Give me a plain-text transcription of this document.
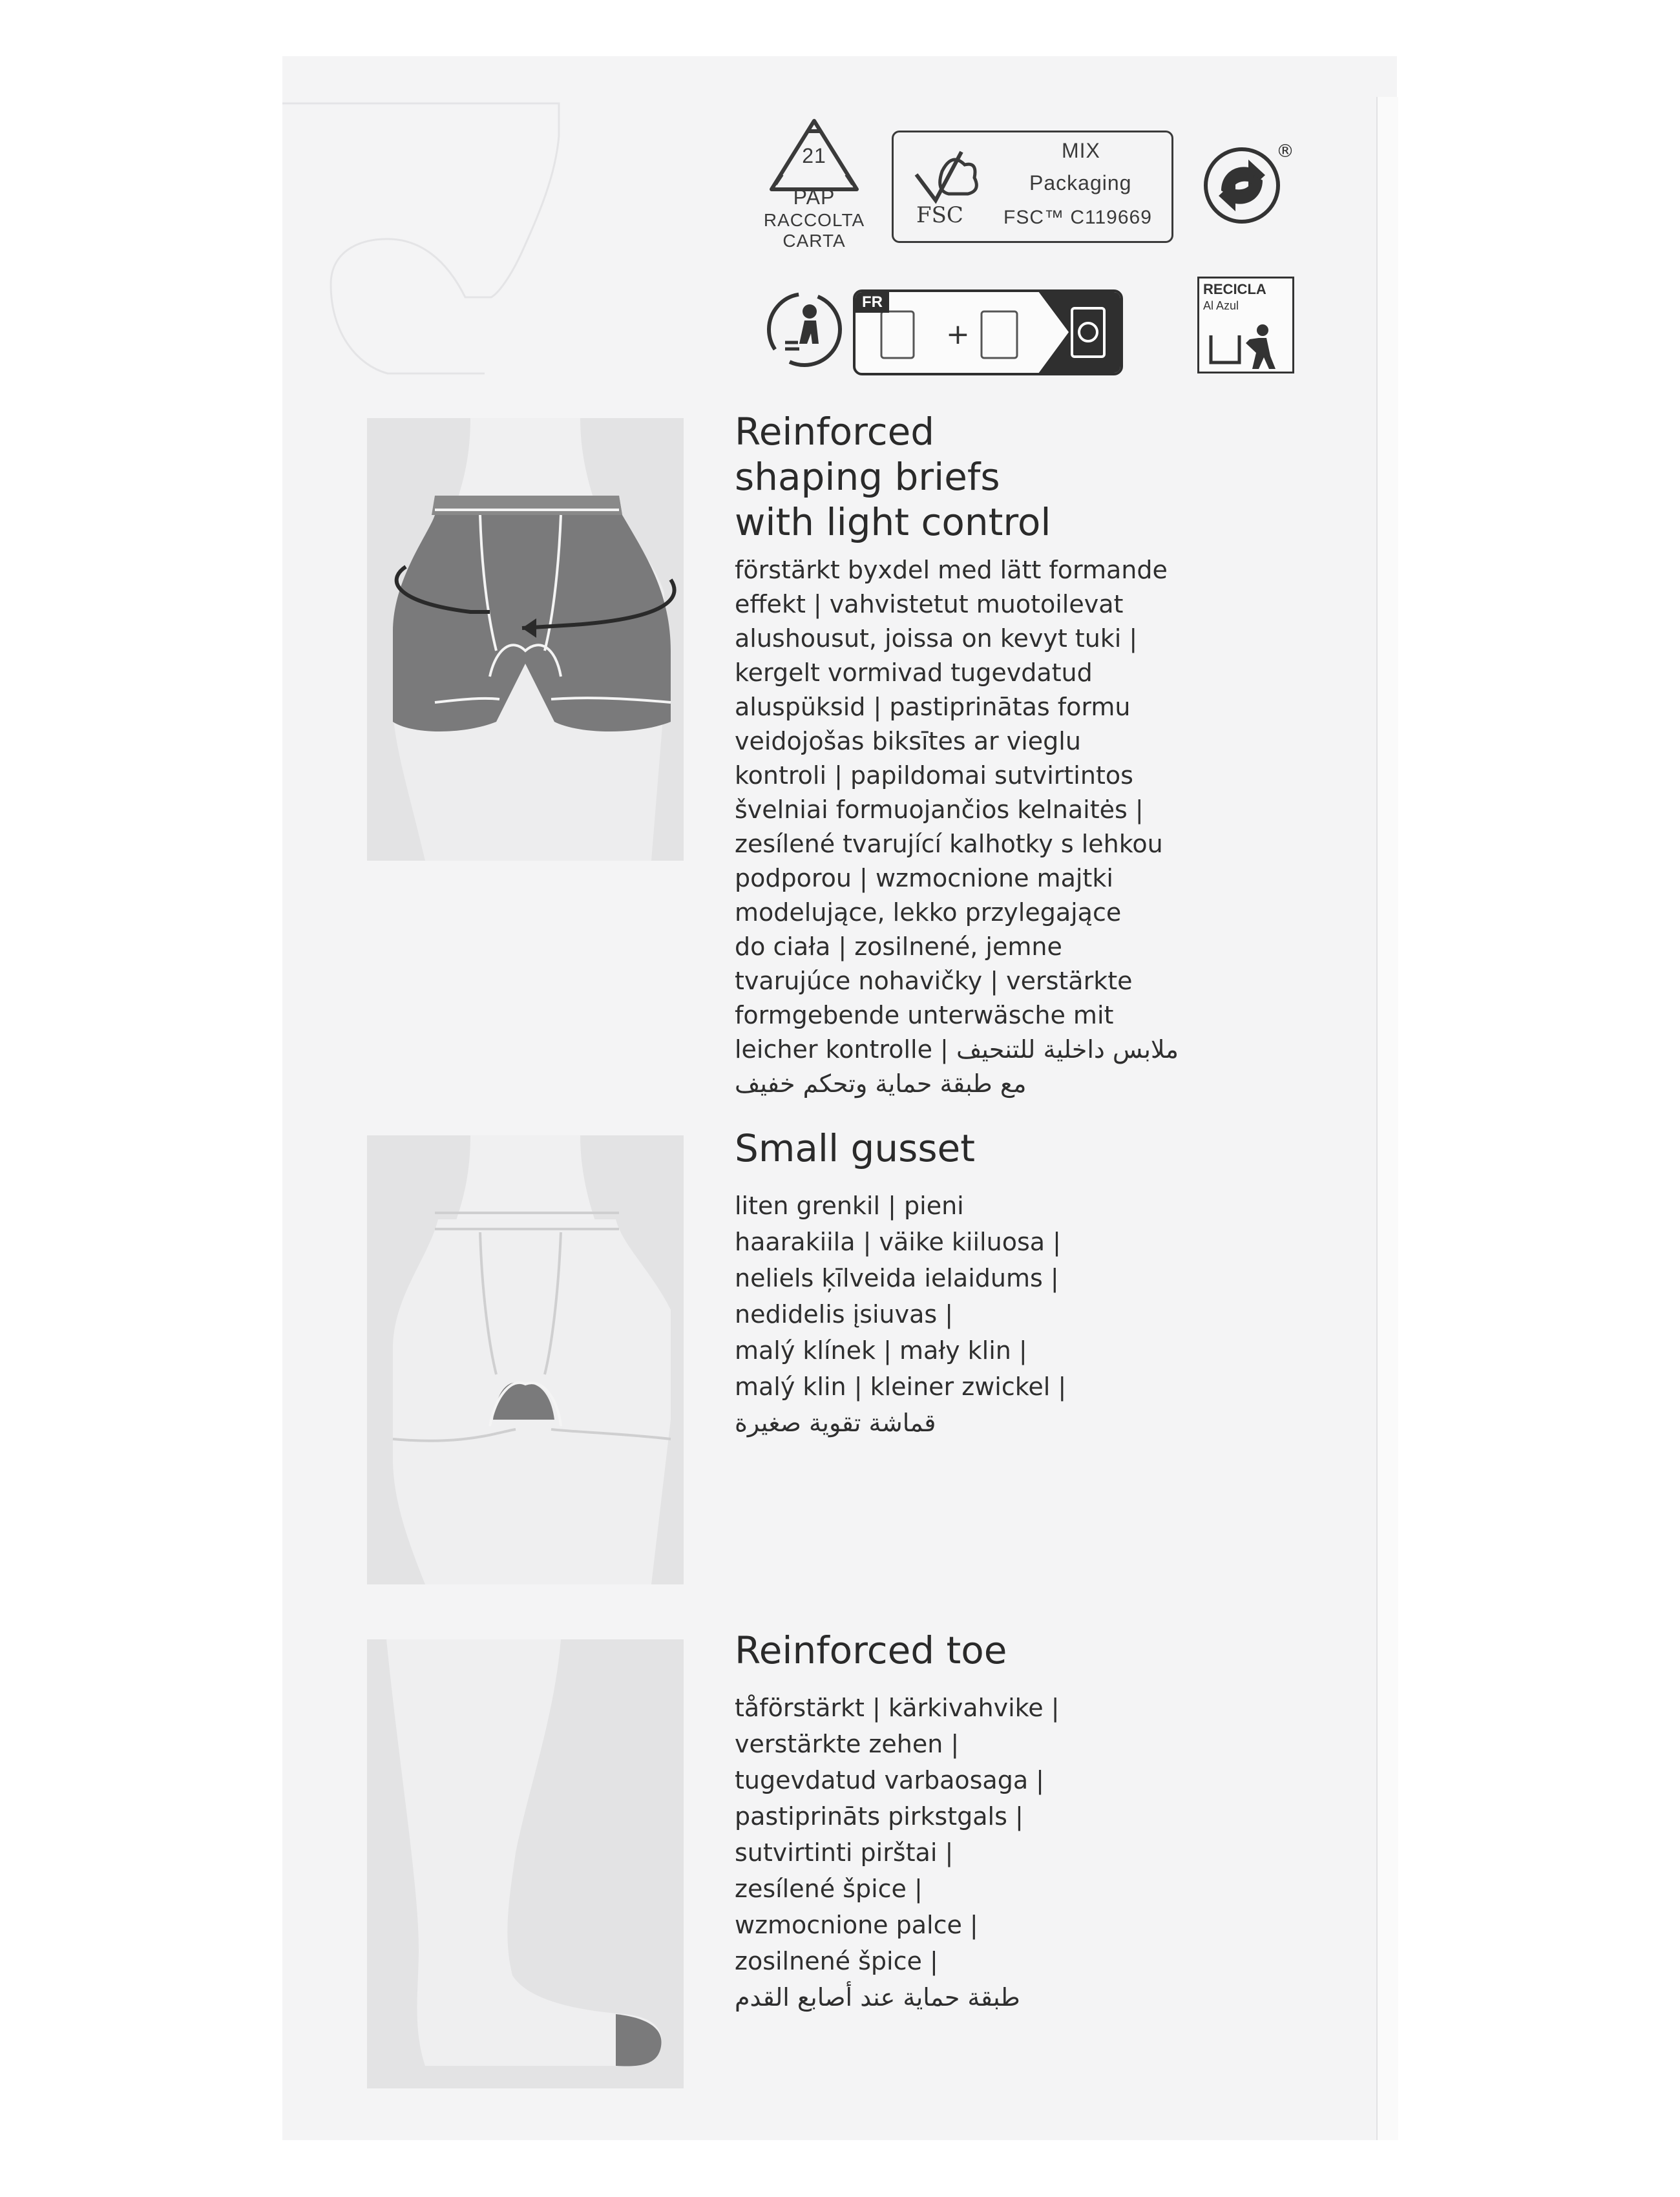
21
PAP
RACCOLTA
CARTA
FSC
MIX
Packaging
FSC™ C119669
®
FR
+
RECICLA
Al Azul
Reinforced
shaping briefs
with light control
förstärkt byxdel med lätt formande
effekt | vahvistetut muotoilevat
alushousut, joissa on kevyt tuki |
kergelt vormivad tugevdatud
aluspüksid | pastiprinātas formu
veidojošas biksītes ar vieglu
kontroli | papildomai sutvirtintos
švelniai formuojančios kelnaitės |
zesílené tvarující kalhotky s lehkou
podporou | wzmocnione majtki
modelujące, lekko przylegające
do ciała | zosilnené, jemne
tvarujúce nohavičky | verstärkte
formgebende unterwäsche mit
leicher kontrolle | ملابس داخلية للتنحيف
مع طبقة حماية وتحكم خفيف
Small gusset
liten grenkil | pieni
haarakiila | väike kiiluosa |
neliels ķīlveida ielaidums |
nedidelis įsiuvas |
malý klínek | mały klin |
malý klin | kleiner zwickel |
قماشة تقوية صغيرة
Reinforced toe
tåförstärkt | kärkivahvike |
verstärkte zehen |
tugevdatud varbaosaga |
pastiprināts pirkstgals |
sutvirtinti pirštai |
zesílené špice |
wzmocnione palce |
zosilnené špice |
طبقة حماية عند أصابع القدم
